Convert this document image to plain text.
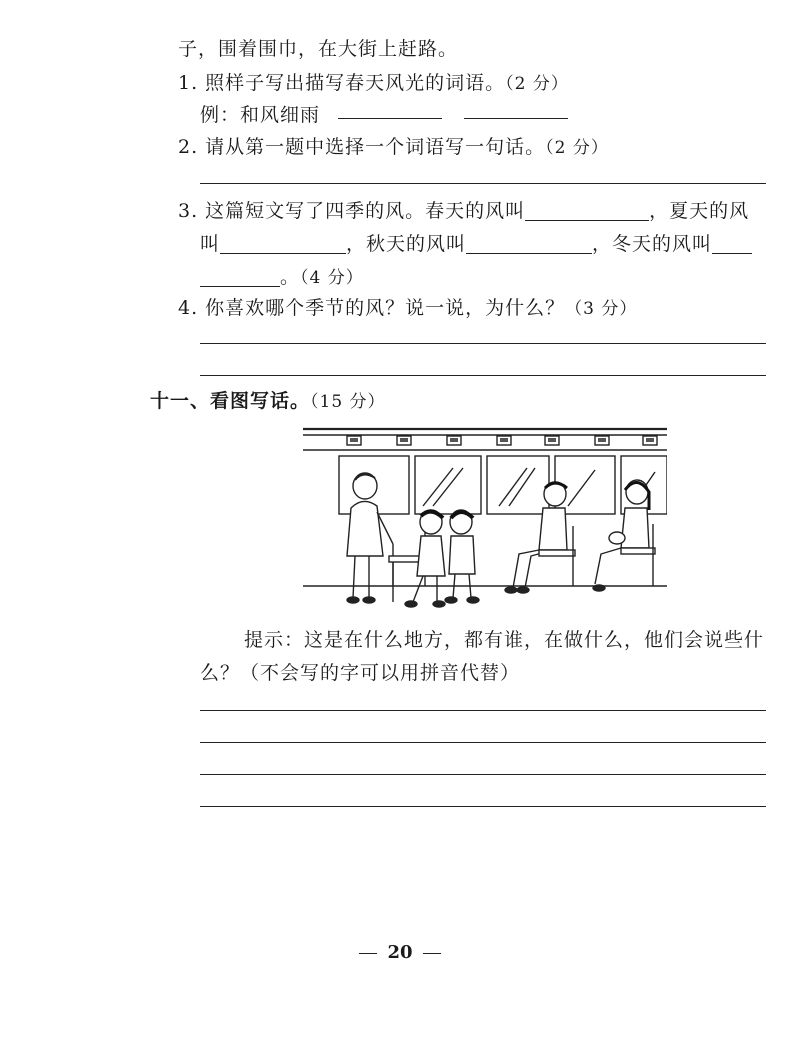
子，围着围巾，在大街上赶路。
1. 照样子写出描写春天风光的词语。（2 分）
例：和风细雨
2. 请从第一题中选择一个词语写一句话。（2 分）
3. 这篇短文写了四季的风。春天的风叫	，夏天的风
叫	，秋天的风叫	，冬天的风叫
。（4 分）
4. 你喜欢哪个季节的风？说一说，为什么？（3 分）
十一、看图写话。（15 分）
提示：这是在什么地方，都有谁，在做什么，他们会说些什
么？（不会写的字可以用拼音代替）
20
